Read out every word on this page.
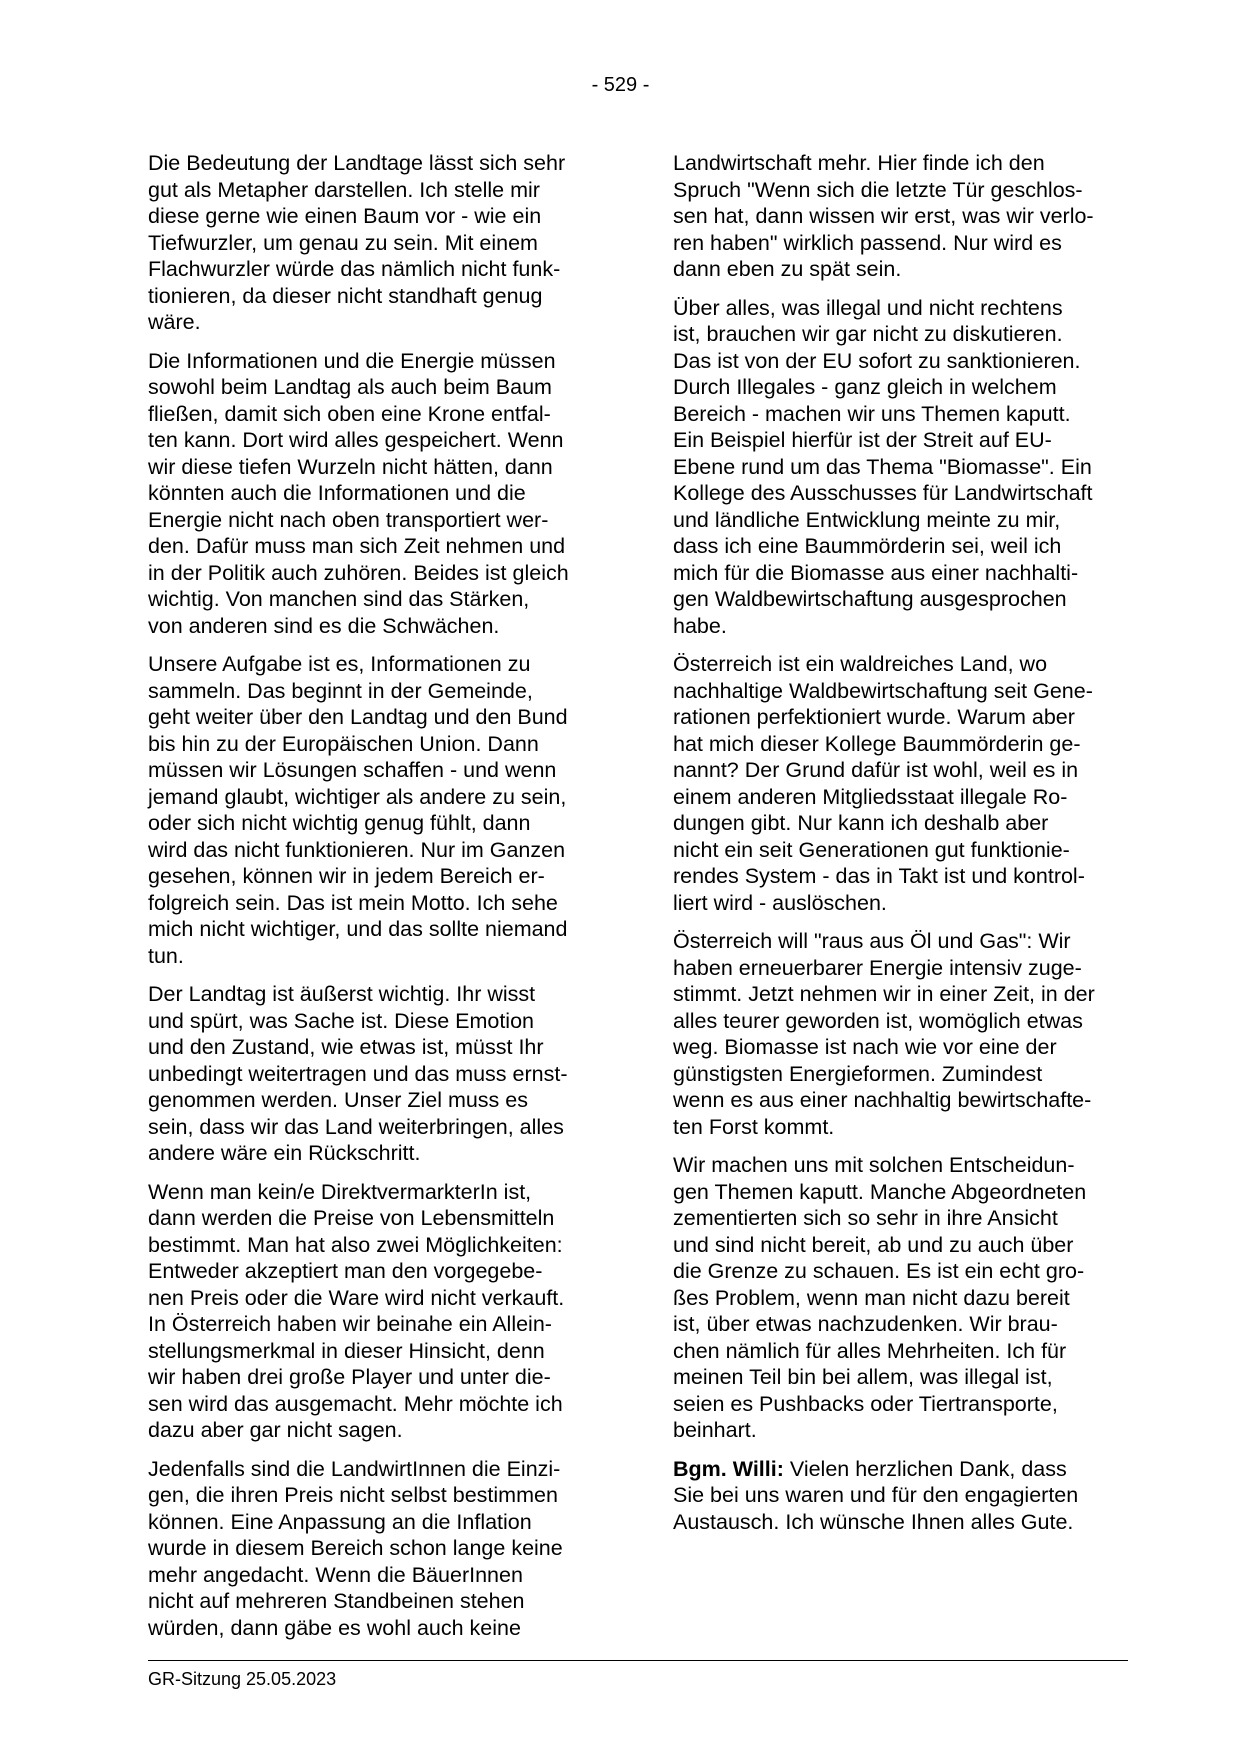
- 529 -

Die Bedeutung der Landtage lässt sich sehr
gut als Metapher darstellen. Ich stelle mir
diese gerne wie einen Baum vor - wie ein
Tiefwurzler, um genau zu sein. Mit einem
Flachwurzler würde das nämlich nicht funk-
tionieren, da dieser nicht standhaft genug
wäre.

Die Informationen und die Energie müssen
sowohl beim Landtag als auch beim Baum
fließen, damit sich oben eine Krone entfal-
ten kann. Dort wird alles gespeichert. Wenn
wir diese tiefen Wurzeln nicht hätten, dann
könnten auch die Informationen und die
Energie nicht nach oben transportiert wer-
den. Dafür muss man sich Zeit nehmen und
in der Politik auch zuhören. Beides ist gleich
wichtig. Von manchen sind das Stärken,
von anderen sind es die Schwächen.

Unsere Aufgabe ist es, Informationen zu
sammeln. Das beginnt in der Gemeinde,
geht weiter über den Landtag und den Bund
bis hin zu der Europäischen Union. Dann
müssen wir Lösungen schaffen - und wenn
jemand glaubt, wichtiger als andere zu sein,
oder sich nicht wichtig genug fühlt, dann
wird das nicht funktionieren. Nur im Ganzen
gesehen, können wir in jedem Bereich er-
folgreich sein. Das ist mein Motto. Ich sehe
mich nicht wichtiger, und das sollte niemand
tun.

Der Landtag ist äußerst wichtig. Ihr wisst
und spürt, was Sache ist. Diese Emotion
und den Zustand, wie etwas ist, müsst Ihr
unbedingt weitertragen und das muss ernst-
genommen werden. Unser Ziel muss es
sein, dass wir das Land weiterbringen, alles
andere wäre ein Rückschritt.

Wenn man kein/e DirektvermarkterIn ist,
dann werden die Preise von Lebensmitteln
bestimmt. Man hat also zwei Möglichkeiten:
Entweder akzeptiert man den vorgegebe-
nen Preis oder die Ware wird nicht verkauft.
In Österreich haben wir beinahe ein Allein-
stellungsmerkmal in dieser Hinsicht, denn
wir haben drei große Player und unter die-
sen wird das ausgemacht. Mehr möchte ich
dazu aber gar nicht sagen.

Jedenfalls sind die LandwirtInnen die Einzi-
gen, die ihren Preis nicht selbst bestimmen
können. Eine Anpassung an die Inflation
wurde in diesem Bereich schon lange keine
mehr angedacht. Wenn die BäuerInnen
nicht auf mehreren Standbeinen stehen
würden, dann gäbe es wohl auch keine

Landwirtschaft mehr. Hier finde ich den
Spruch "Wenn sich die letzte Tür geschlos-
sen hat, dann wissen wir erst, was wir verlo-
ren haben" wirklich passend. Nur wird es
dann eben zu spät sein.

Über alles, was illegal und nicht rechtens
ist, brauchen wir gar nicht zu diskutieren.
Das ist von der EU sofort zu sanktionieren.
Durch Illegales - ganz gleich in welchem
Bereich - machen wir uns Themen kaputt.
Ein Beispiel hierfür ist der Streit auf EU-
Ebene rund um das Thema "Biomasse". Ein
Kollege des Ausschusses für Landwirtschaft
und ländliche Entwicklung meinte zu mir,
dass ich eine Baummörderin sei, weil ich
mich für die Biomasse aus einer nachhalti-
gen Waldbewirtschaftung ausgesprochen
habe.

Österreich ist ein waldreiches Land, wo
nachhaltige Waldbewirtschaftung seit Gene-
rationen perfektioniert wurde. Warum aber
hat mich dieser Kollege Baummörderin ge-
nannt? Der Grund dafür ist wohl, weil es in
einem anderen Mitgliedsstaat illegale Ro-
dungen gibt. Nur kann ich deshalb aber
nicht ein seit Generationen gut funktionie-
rendes System - das in Takt ist und kontrol-
liert wird - auslöschen.

Österreich will "raus aus Öl und Gas": Wir
haben erneuerbarer Energie intensiv zuge-
stimmt. Jetzt nehmen wir in einer Zeit, in der
alles teurer geworden ist, womöglich etwas
weg. Biomasse ist nach wie vor eine der
günstigsten Energieformen. Zumindest
wenn es aus einer nachhaltig bewirtschafte-
ten Forst kommt.

Wir machen uns mit solchen Entscheidun-
gen Themen kaputt. Manche Abgeordneten
zementierten sich so sehr in ihre Ansicht
und sind nicht bereit, ab und zu auch über
die Grenze zu schauen. Es ist ein echt gro-
ßes Problem, wenn man nicht dazu bereit
ist, über etwas nachzudenken. Wir brau-
chen nämlich für alles Mehrheiten. Ich für
meinen Teil bin bei allem, was illegal ist,
seien es Pushbacks oder Tiertransporte,
beinhart.

Bgm. Willi: Vielen herzlichen Dank, dass
Sie bei uns waren und für den engagierten
Austausch. Ich wünsche Ihnen alles Gute.

GR-Sitzung 25.05.2023
